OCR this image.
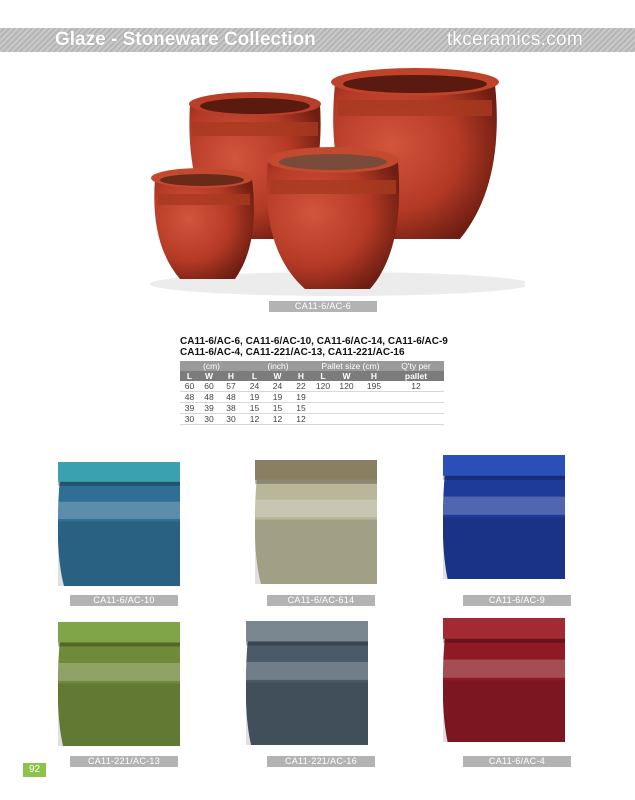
Glaze - Stoneware Collection	tkceramics.com
CA11-6/AC-6
CA11-6/AC-6, CA11-6/AC-10, CA11-6/AC-14, CA11-6/AC-9
CA11-6/AC-4, CA11-221/AC-13, CA11-221/AC-16
(cm)			(inch)			Pallet size (cm)			Q'ty per
L	W	H	L	W	H	L	W	H	pallet
60	60	57	24	24	22	120	120	195	12
48	48	48	19	19	19				
39	39	38	15	15	15				
30	30	30	12	12	12				
CA11-6/AC-10	CA11-6/AC-614	CA11-6/AC-9
CA11-221/AC-13	CA11-221/AC-16	CA11-6/AC-4
92
